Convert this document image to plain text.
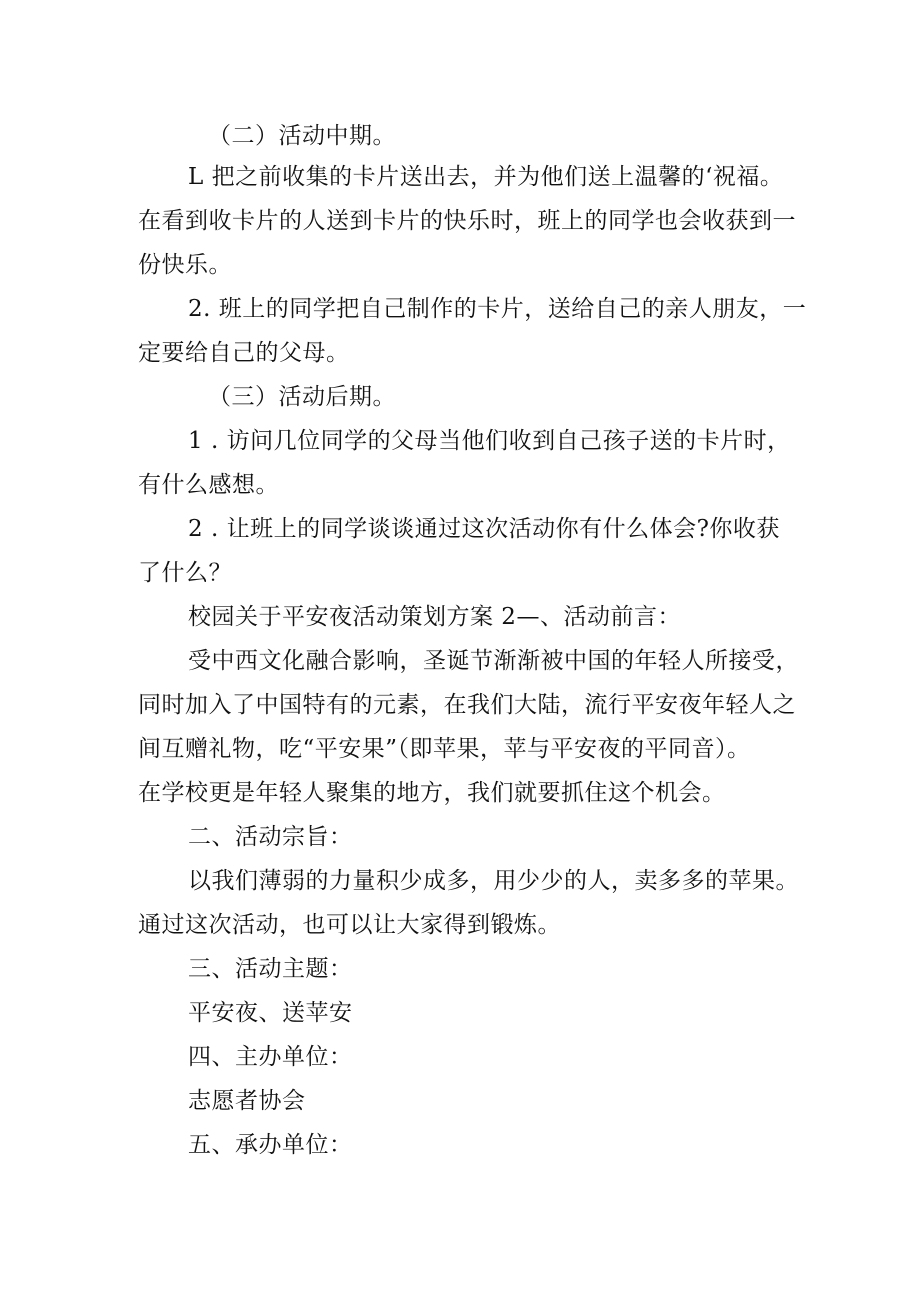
（二）活动中期。
L 把之前收集的卡片送出去，并为他们送上温馨的‘祝福。
在看到收卡片的人送到卡片的快乐时，班上的同学也会收获到一
份快乐。
2. 班上的同学把自己制作的卡片，送给自己的亲人朋友，一
定要给自己的父母。
（三）活动后期。
1 . 访问几位同学的父母当他们收到自己孩子送的卡片时，
有什么感想。
2 . 让班上的同学谈谈通过这次活动你有什么体会?你收获
了什么？
校园关于平安夜活动策划方案 2—、活动前言：
受中西文化融合影响，圣诞节渐渐被中国的年轻人所接受，
同时加入了中国特有的元素，在我们大陆，流行平安夜年轻人之
间互赠礼物，吃“平安果”（即苹果，苹与平安夜的平同音）。
在学校更是年轻人聚集的地方，我们就要抓住这个机会。
二、活动宗旨：
以我们薄弱的力量积少成多，用少少的人，卖多多的苹果。
通过这次活动，也可以让大家得到锻炼。
三、活动主题：
平安夜、送苹安
四、主办单位：
志愿者协会
五、承办单位：
